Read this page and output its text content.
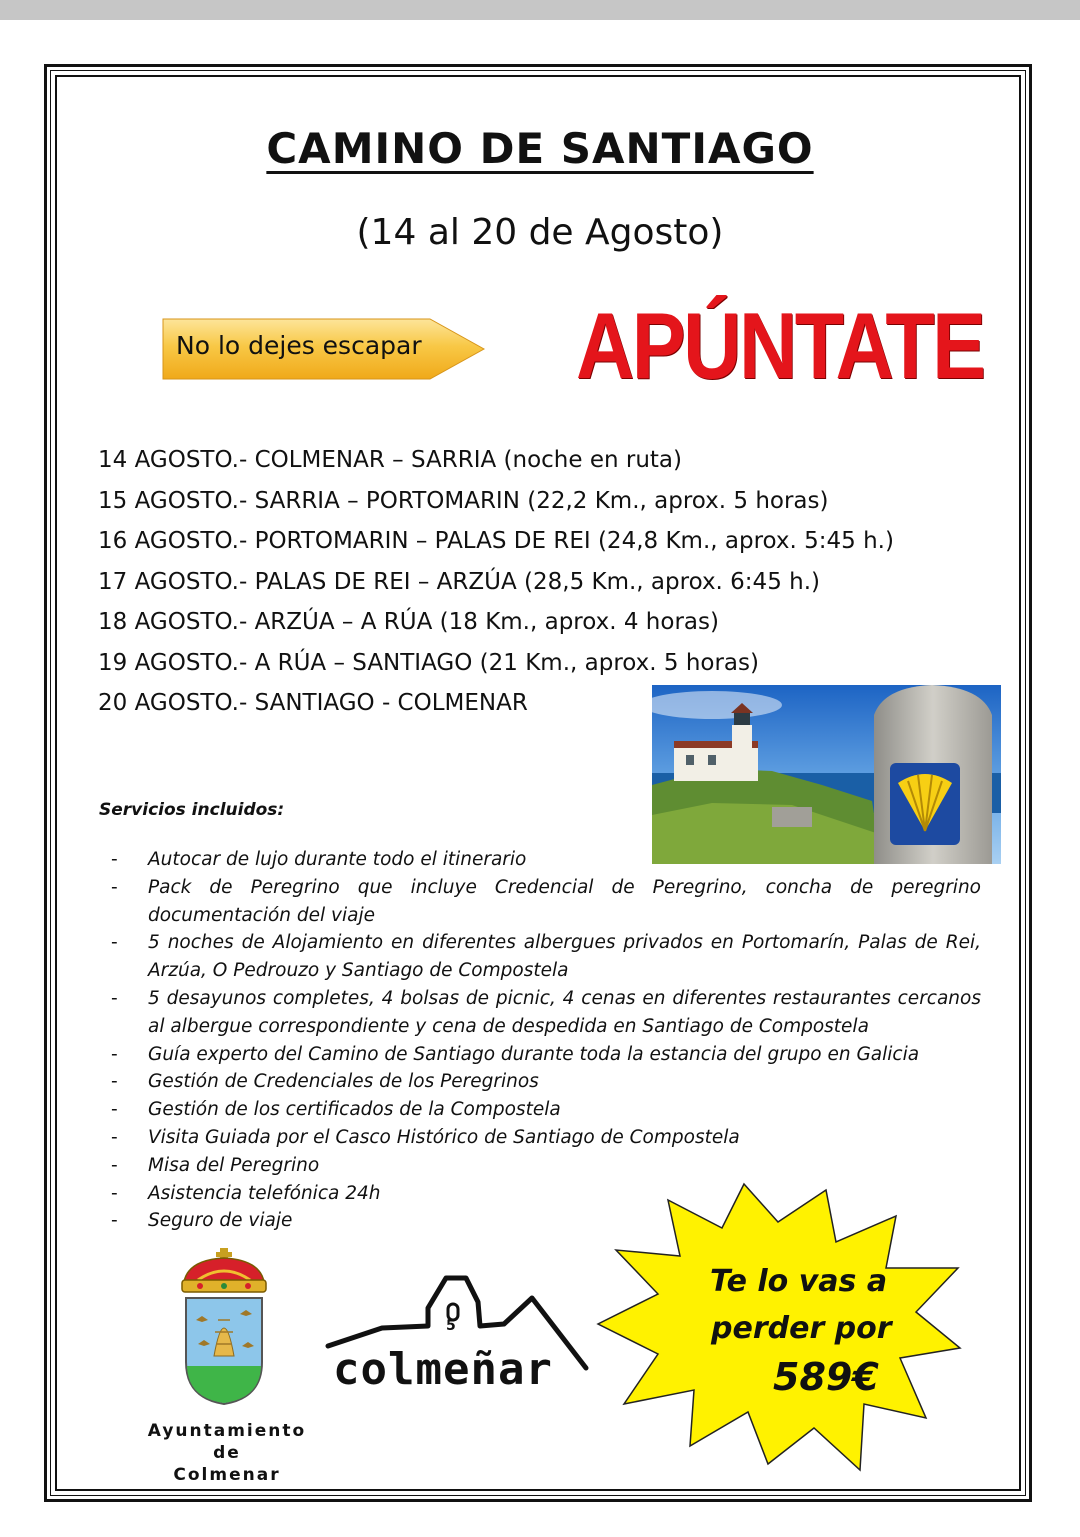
CAMINO DE SANTIAGO
(14 al 20 de Agosto)
No lo dejes escapar APÚNTATE
14 AGOSTO.- COLMENAR – SARRIA (noche en ruta)
15 AGOSTO.- SARRIA – PORTOMARIN (22,2 Km., aprox. 5 horas)
16 AGOSTO.- PORTOMARIN – PALAS DE REI (24,8 Km., aprox. 5:45 h.)
17 AGOSTO.- PALAS DE REI – ARZÚA (28,5 Km., aprox. 6:45 h.)
18 AGOSTO.- ARZÚA – A RÚA (18 Km., aprox. 4 horas)
19 AGOSTO.- A RÚA – SANTIAGO (21 Km., aprox. 5 horas)
20 AGOSTO.- SANTIAGO - COLMENAR
Servicios incluidos:
- Autocar de lujo durante todo el itinerario
- Pack de Peregrino que incluye Credencial de Peregrino, concha de peregrino documentación del viaje
- 5 noches de Alojamiento en diferentes albergues privados en Portomarín, Palas de Rei, Arzúa, O Pedrouzo y Santiago de Compostela
- 5 desayunos completes, 4 bolsas de picnic, 4 cenas en diferentes restaurantes cercanos al albergue correspondiente y cena de despedida en Santiago de Compostela
- Guía experto del Camino de Santiago durante toda la estancia del grupo en Galicia
- Gestión de Credenciales de los Peregrinos
- Gestión de los certificados de la Compostela
- Visita Guiada por el Casco Histórico de Santiago de Compostela
- Misa del Peregrino
- Asistencia telefónica 24h
- Seguro de viaje
Ayuntamiento
de
Colmenar
5
colmeñar
Te lo vas a
perder por
589€
